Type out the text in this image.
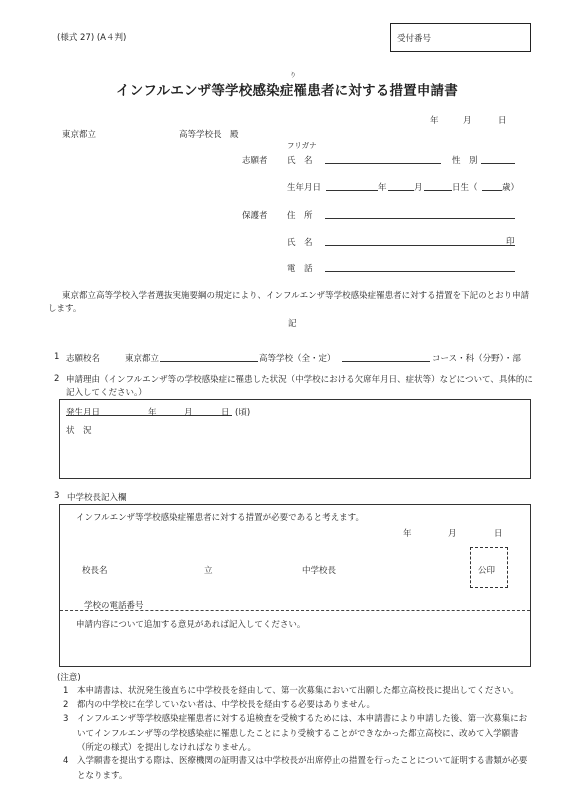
(様式 27) (A４判)	受付番号
り
インフルエンザ等学校感染症罹患者に対する措置申請書
年	月	日
東京都立	高等学校長　殿
フリガナ
志願者 氏　名	性　別
生年月日	年	月	日生（	歳）
保護者 住　所
氏　名	印
電　話
東京都立高等学校入学者選抜実施要綱の規定により、インフルエンザ等学校感染症罹患者に対する措置を下記のとおり申請します。
記
1 志願校名	東京都立	高等学校（全・定）	コース・科（分野）・部
2 申請理由（インフルエンザ等の学校感染症に罹患した状況（中学校における欠席年月日、症状等）などについて、具体的に記入してください。）
発生月日	年	月	日 (頃)
状　況
3 中学校長記入欄
インフルエンザ等学校感染症罹患者に対する措置が必要であると考えます。
年	月	日
校長名	立	中学校長	公印
学校の電話番号
申請内容について追加する意見があれば記入してください。
(注意)
1 本申請書は、状況発生後直ちに中学校長を経由して、第一次募集において出願した都立高校長に提出してください。
2 都内の中学校に在学していない者は、中学校長を経由する必要はありません。
3 インフルエンザ等学校感染症罹患者に対する追検査を受検するためには、本申請書により申請した後、第一次募集においてインフルエンザ等の学校感染症に罹患したことにより受検することができなかった都立高校に、改めて入学願書（所定の様式）を提出しなければなりません。
4 入学願書を提出する際は、医療機関の証明書又は中学校長が出席停止の措置を行ったことについて証明する書類が必要となります。
